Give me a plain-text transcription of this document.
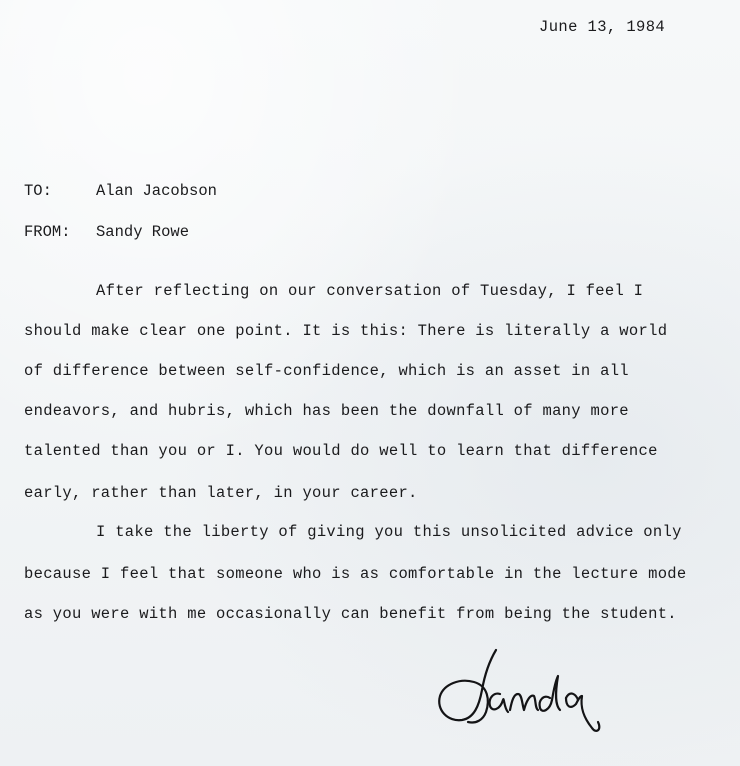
June 13, 1984
TO:	Alan Jacobson
FROM: Sandy Rowe
After reflecting on our conversation of Tuesday, I feel I
should make clear one point. It is this: There is literally a world
of difference between self-confidence, which is an asset in all
endeavors, and hubris, which has been the downfall of many more
talented than you or I. You would do well to learn that difference
early, rather than later, in your career.
I take the liberty of giving you this unsolicited advice only
because I feel that someone who is as comfortable in the lecture mode
as you were with me occasionally can benefit from being the student.
